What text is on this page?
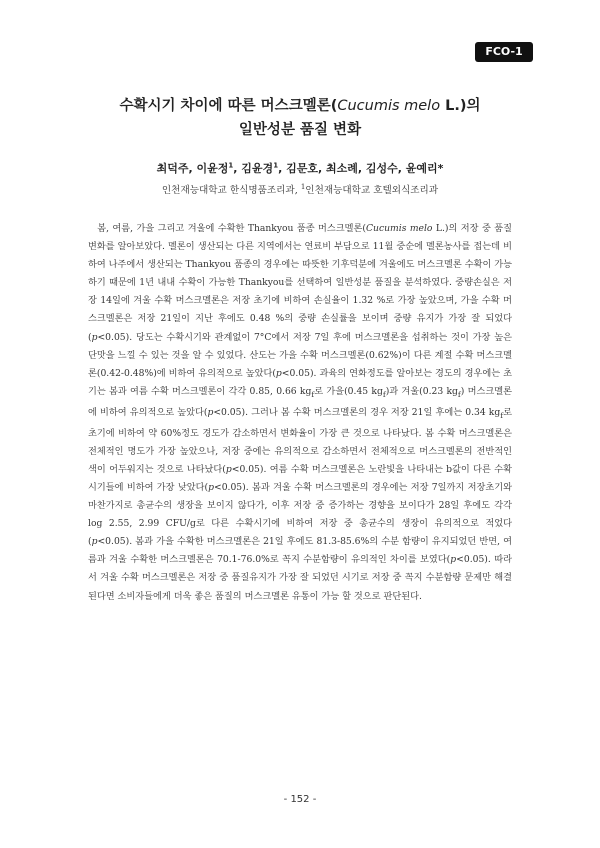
FCO-1
수확시기 차이에 따른 머스크멜론(Cucumis melo L.)의
일반성분 품질 변화
최덕주, 이윤정$^1$, 김윤경$^1$, 김문호, 최소례, 김성수, 윤예리*
인천재능대학교 한식명품조리과, $^1$인천재능대학교 호텔외식조리과

봄, 여름, 가을 그리고 겨울에 수확한 Thankyou 품종 머스크멜론(Cucumis melo L.)의 저장 중 품질변화를 알아보았다. 멜론이 생산되는 다른 지역에서는 연료비 부담으로 11월 중순에 멜론농사를 접는데 비하여 나주에서 생산되는 Thankyou 품종의 경우에는 따뜻한 기후덕분에 겨울에도 머스크멜론 수확이 가능하기 때문에 1년 내내 수확이 가능한 Thankyou를 선택하여 일반성분 품질을 분석하였다. 중량손실은 저장 14일에 겨울 수확 머스크멜론은 저장 초기에 비하여 손실율이 1.32 %로 가장 높았으며, 가을 수확 머스크멜론은 저장 21일이 지난 후에도 0.48 %의 중량 손실률을 보이며 중량 유지가 가장 잘 되었다(p<0.05). 당도는 수확시기와 관계없이 7°C에서 저장 7일 후에 머스크멜론을 섭취하는 것이 가장 높은 단맛을 느낄 수 있는 것을 알 수 있었다. 산도는 가을 수확 머스크멜론(0.62%)이 다른 계절 수확 머스크멜론(0.42-0.48%)에 비하여 유의적으로 높았다(p<0.05). 과육의 연화정도를 알아보는 경도의 경우에는 초기는 봄과 여름 수확 머스크멜론이 각각 0.85, 0.66 $kg_f$로 가을(0.45 $kg_f$)과 겨울(0.23 $kg_f$) 머스크멜론에 비하여 유의적으로 높았다(p<0.05). 그러나 봄 수확 머스크멜론의 경우 저장 21일 후에는 0.34 $kg_f$로 초기에 비하여 약 60%정도 경도가 감소하면서 변화율이 가장 큰 것으로 나타났다. 봄 수확 머스크멜론은 전체적인 명도가 가장 높았으나, 저장 중에는 유의적으로 감소하면서 전체적으로 머스크멜론의 전반적인 색이 어두워지는 것으로 나타났다(p<0.05). 여름 수확 머스크멜론은 노란빛을 나타내는 b값이 다른 수확시기들에 비하여 가장 낮았다(p<0.05). 봄과 겨울 수확 머스크멜론의 경우에는 저장 7일까지 저장초기와 마찬가지로 총균수의 생장을 보이지 않다가, 이후 저장 중 증가하는 경향을 보이다가 28일 후에도 각각 log 2.55, 2.99 CFU/g로 다른 수확시기에 비하여 저장 중 총균수의 생장이 유의적으로 적었다(p<0.05). 봄과 가을 수확한 머스크멜론은 21일 후에도 81.3-85.6%의 수분 함량이 유지되었던 반면, 여름과 겨울 수확한 머스크멜론은 70.1-76.0%로 꼭지 수분함량이 유의적인 차이를 보였다(p<0.05). 따라서 겨울 수확 머스크멜론은 저장 중 품질유지가 가장 잘 되었던 시기로 저장 중 꼭지 수분함량 문제만 해결 된다면 소비자들에게 더욱 좋은 품질의 머스크멜론 유통이 가능 할 것으로 판단된다.

- 152 -
